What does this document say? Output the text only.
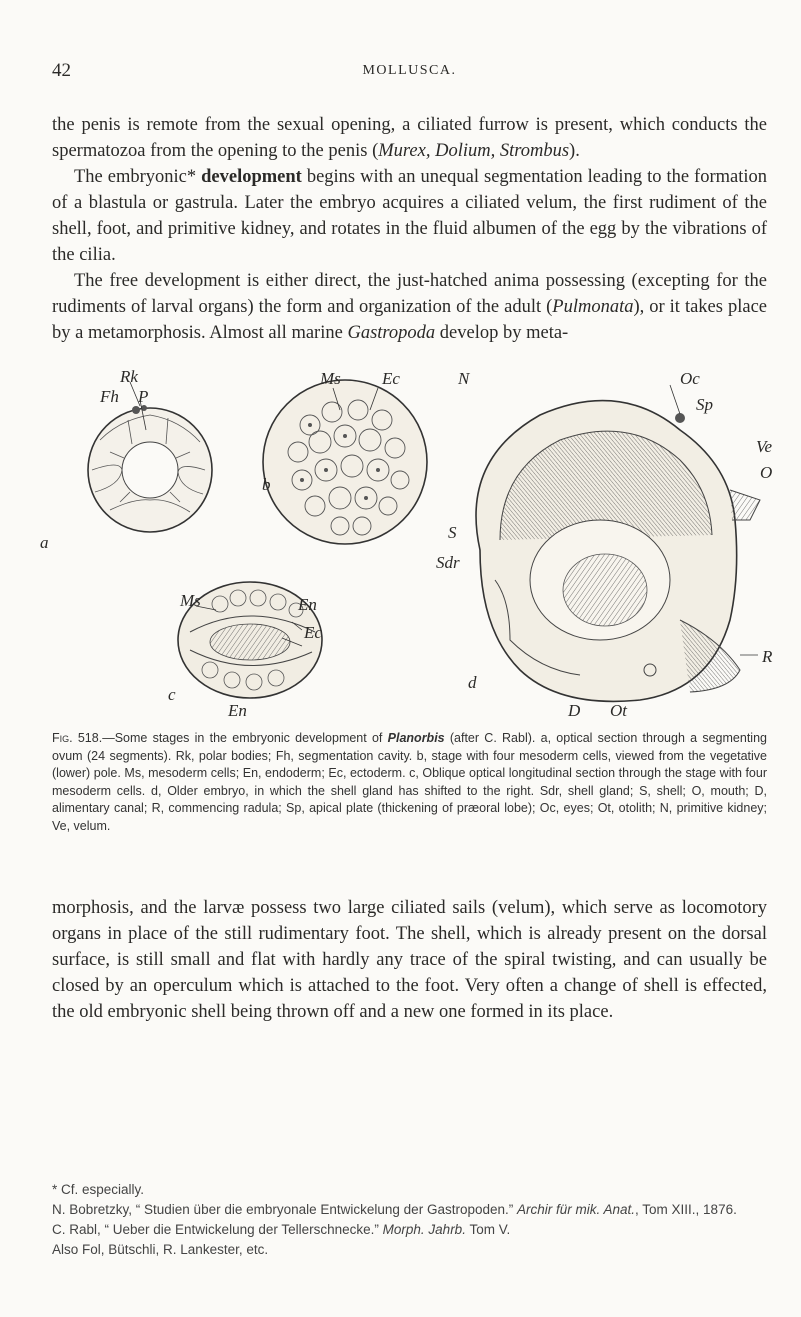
42	MOLLUSCA.

the penis is remote from the sexual opening, a ciliated furrow is present, which conducts the spermatozoa from the opening to the penis (Murex, Dolium, Strombus).

The embryonic* development begins with an unequal segmentation leading to the formation of a blastula or gastrula. Later the embryo acquires a ciliated velum, the first rudiment of the shell, foot, and primitive kidney, and rotates in the fluid albumen of the egg by the vibrations of the cilia.

The free development is either direct, the just-hatched anima possessing (excepting for the rudiments of larval organs) the form and organization of the adult (Pulmonata), or it takes place by a metamorphosis. Almost all marine Gastropoda develop by meta-

a
Rk
Fh P
Ms Ec
b
Ms
Ec
En
En
c
N	Oc
Sp
Ve
O
S
Sdr
d
D Ot
R
Fig. 518.—Some stages in the embryonic development of Planorbis (after C. Rabl). a, optical section through a segmenting ovum (24 segments). Rk, polar bodies; Fh, segmentation cavity. b, stage with four mesoderm cells, viewed from the vegetative (lower) pole. Ms, mesoderm cells; En, endoderm; Ec, ectoderm. c, Oblique optical longitudinal section through the stage with four mesoderm cells. d, Older embryo, in which the shell gland has shifted to the right. Sdr, shell gland; S, shell; O, mouth; D, alimentary canal; R, commencing radula; Sp, apical plate (thickening of præoral lobe); Oc, eyes; Ot, otolith; N, primitive kidney; Ve, velum.

morphosis, and the larvæ possess two large ciliated sails (velum), which serve as locomotory organs in place of the still rudimentary foot. The shell, which is already present on the dorsal surface, is still small and flat with hardly any trace of the spiral twisting, and can usually be closed by an operculum which is attached to the foot. Very often a change of shell is effected, the old embryonic shell being thrown off and a new one formed in its place.

* Cf. especially.

N. Bobretzky, “ Studien über die embryonale Entwickelung der Gastropoden.” Archir für mik. Anat., Tom XIII., 1876.

C. Rabl, “ Ueber die Entwickelung der Tellerschnecke.” Morph. Jahrb. Tom V.

Also Fol, Bütschli, R. Lankester, etc.
